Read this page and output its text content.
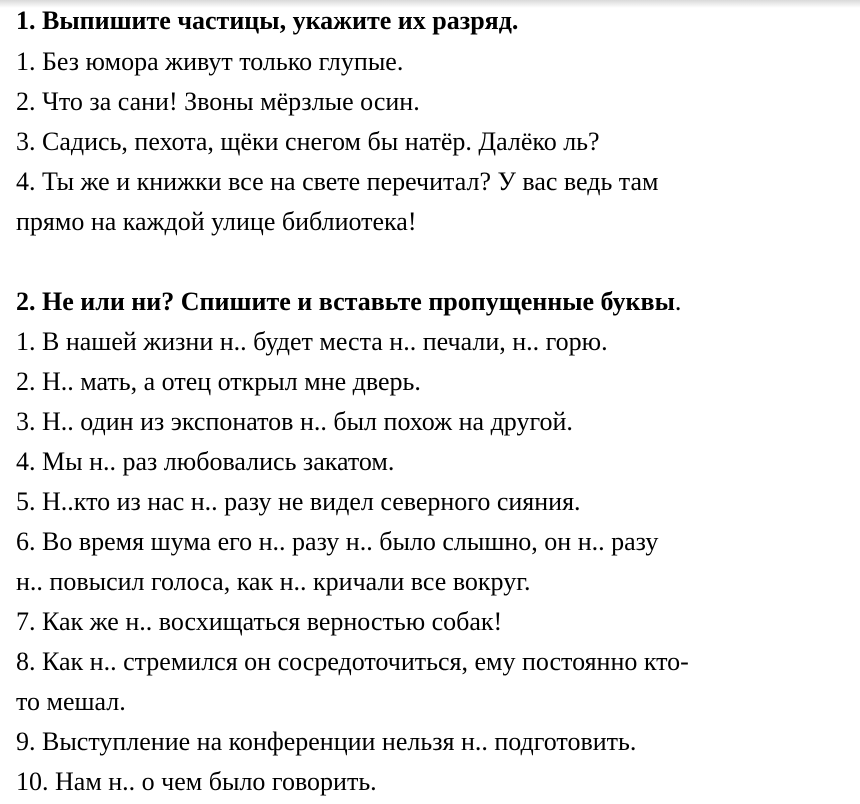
1. Выпишите частицы, укажите их разряд.
1. Без юмора живут только глупые.
2. Что за сани! Звоны мёрзлые осин.
3. Садись, пехота, щёки снегом бы натёр. Далёко ль?
4. Ты же и книжки все на свете перечитал? У вас ведь там
прямо на каждой улице библиотека!
2. Не или ни? Спишите и вставьте пропущенные буквы.
1. В нашей жизни н.. будет места н.. печали, н.. горю.
2. Н.. мать, а отец открыл мне дверь.
3. Н.. один из экспонатов н.. был похож на другой.
4. Мы н.. раз любовались закатом.
5. Н..кто из нас н.. разу не видел северного сияния.
6. Во время шума его н.. разу н.. было слышно, он н.. разу
н.. повысил голоса, как н.. кричали все вокруг.
7. Как же н.. восхищаться верностью собак!
8. Как н.. стремился он сосредоточиться, ему постоянно кто-
то мешал.
9. Выступление на конференции нельзя н.. подготовить.
10. Нам н.. о чем было говорить.
